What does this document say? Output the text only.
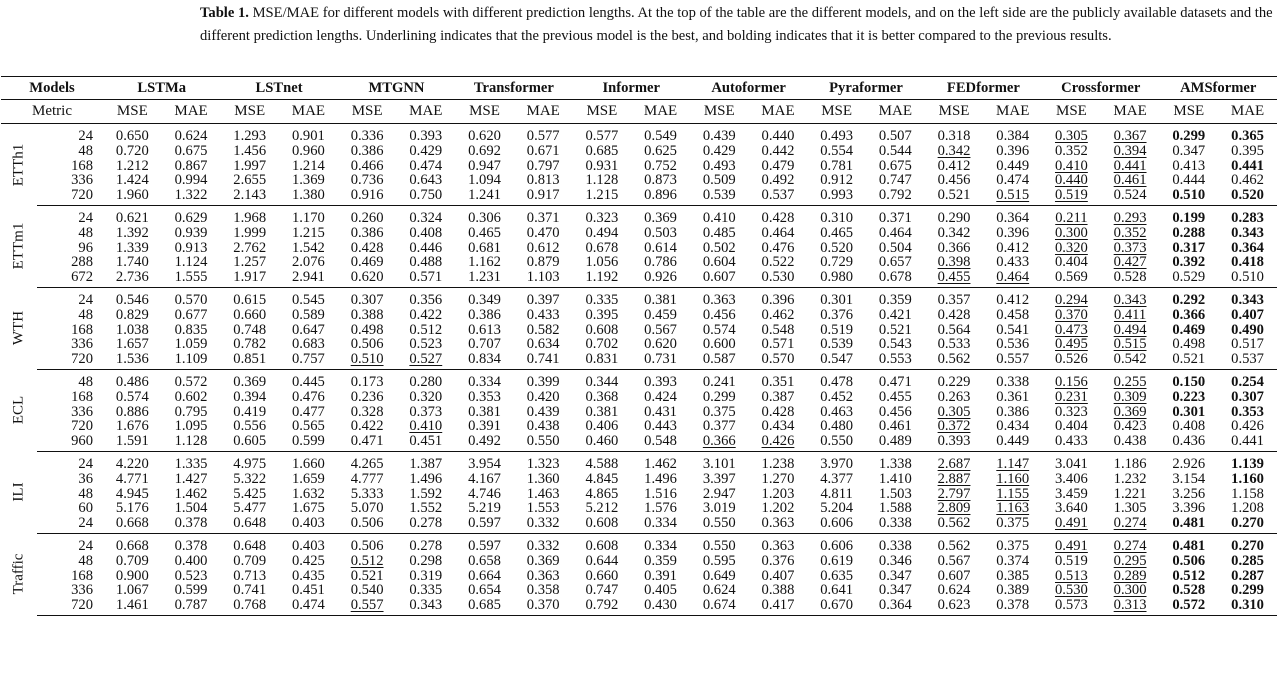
Table 1. MSE/MAE for different models with different prediction lengths. At the top of the table are the different models, and on the left side are the publicly available datasets and the different prediction lengths. Underlining indicates that the previous model is the best, and bolding indicates that it is better compared to the previous results.
Models		LSTMa		LSTnet		MTGNN		Transformer		Informer		Autoformer		Pyraformer		FEDformer		Crossformer		AMSformer	
Metric		MSE	MAE	MSE	MAE	MSE	MAE	MSE	MAE	MSE	MAE	MSE	MAE	MSE	MAE	MSE	MAE	MSE	MAE	MSE	MAE

ETTh1	24	0.650	0.624	1.293	0.901	0.336	0.393	0.620	0.577	0.577	0.549	0.439	0.440	0.493	0.507	0.318	0.384	0.305	0.367	0.299	0.365
	48	0.720	0.675	1.456	0.960	0.386	0.429	0.692	0.671	0.685	0.625	0.429	0.442	0.554	0.544	0.342	0.396	0.352	0.394	0.347	0.395
	168	1.212	0.867	1.997	1.214	0.466	0.474	0.947	0.797	0.931	0.752	0.493	0.479	0.781	0.675	0.412	0.449	0.410	0.441	0.413	0.441
	336	1.424	0.994	2.655	1.369	0.736	0.643	1.094	0.813	1.128	0.873	0.509	0.492	0.912	0.747	0.456	0.474	0.440	0.461	0.444	0.462
	720	1.960	1.322	2.143	1.380	0.916	0.750	1.241	0.917	1.215	0.896	0.539	0.537	0.993	0.792	0.521	0.515	0.519	0.524	0.510	0.520

ETTm1	24	0.621	0.629	1.968	1.170	0.260	0.324	0.306	0.371	0.323	0.369	0.410	0.428	0.310	0.371	0.290	0.364	0.211	0.293	0.199	0.283
	48	1.392	0.939	1.999	1.215	0.386	0.408	0.465	0.470	0.494	0.503	0.485	0.464	0.465	0.464	0.342	0.396	0.300	0.352	0.288	0.343
	96	1.339	0.913	2.762	1.542	0.428	0.446	0.681	0.612	0.678	0.614	0.502	0.476	0.520	0.504	0.366	0.412	0.320	0.373	0.317	0.364
	288	1.740	1.124	1.257	2.076	0.469	0.488	1.162	0.879	1.056	0.786	0.604	0.522	0.729	0.657	0.398	0.433	0.404	0.427	0.392	0.418
	672	2.736	1.555	1.917	2.941	0.620	0.571	1.231	1.103	1.192	0.926	0.607	0.530	0.980	0.678	0.455	0.464	0.569	0.528	0.529	0.510

WTH	24	0.546	0.570	0.615	0.545	0.307	0.356	0.349	0.397	0.335	0.381	0.363	0.396	0.301	0.359	0.357	0.412	0.294	0.343	0.292	0.343
	48	0.829	0.677	0.660	0.589	0.388	0.422	0.386	0.433	0.395	0.459	0.456	0.462	0.376	0.421	0.428	0.458	0.370	0.411	0.366	0.407
	168	1.038	0.835	0.748	0.647	0.498	0.512	0.613	0.582	0.608	0.567	0.574	0.548	0.519	0.521	0.564	0.541	0.473	0.494	0.469	0.490
	336	1.657	1.059	0.782	0.683	0.506	0.523	0.707	0.634	0.702	0.620	0.600	0.571	0.539	0.543	0.533	0.536	0.495	0.515	0.498	0.517
	720	1.536	1.109	0.851	0.757	0.510	0.527	0.834	0.741	0.831	0.731	0.587	0.570	0.547	0.553	0.562	0.557	0.526	0.542	0.521	0.537

ECL	48	0.486	0.572	0.369	0.445	0.173	0.280	0.334	0.399	0.344	0.393	0.241	0.351	0.478	0.471	0.229	0.338	0.156	0.255	0.150	0.254
	168	0.574	0.602	0.394	0.476	0.236	0.320	0.353	0.420	0.368	0.424	0.299	0.387	0.452	0.455	0.263	0.361	0.231	0.309	0.223	0.307
	336	0.886	0.795	0.419	0.477	0.328	0.373	0.381	0.439	0.381	0.431	0.375	0.428	0.463	0.456	0.305	0.386	0.323	0.369	0.301	0.353
	720	1.676	1.095	0.556	0.565	0.422	0.410	0.391	0.438	0.406	0.443	0.377	0.434	0.480	0.461	0.372	0.434	0.404	0.423	0.408	0.426
	960	1.591	1.128	0.605	0.599	0.471	0.451	0.492	0.550	0.460	0.548	0.366	0.426	0.550	0.489	0.393	0.449	0.433	0.438	0.436	0.441

ILI	24	4.220	1.335	4.975	1.660	4.265	1.387	3.954	1.323	4.588	1.462	3.101	1.238	3.970	1.338	2.687	1.147	3.041	1.186	2.926	1.139
	36	4.771	1.427	5.322	1.659	4.777	1.496	4.167	1.360	4.845	1.496	3.397	1.270	4.377	1.410	2.887	1.160	3.406	1.232	3.154	1.160
	48	4.945	1.462	5.425	1.632	5.333	1.592	4.746	1.463	4.865	1.516	2.947	1.203	4.811	1.503	2.797	1.155	3.459	1.221	3.256	1.158
	60	5.176	1.504	5.477	1.675	5.070	1.552	5.219	1.553	5.212	1.576	3.019	1.202	5.204	1.588	2.809	1.163	3.640	1.305	3.396	1.208
	24	0.668	0.378	0.648	0.403	0.506	0.278	0.597	0.332	0.608	0.334	0.550	0.363	0.606	0.338	0.562	0.375	0.491	0.274	0.481	0.270

Traffic	24	0.668	0.378	0.648	0.403	0.506	0.278	0.597	0.332	0.608	0.334	0.550	0.363	0.606	0.338	0.562	0.375	0.491	0.274	0.481	0.270
	48	0.709	0.400	0.709	0.425	0.512	0.298	0.658	0.369	0.644	0.359	0.595	0.376	0.619	0.346	0.567	0.374	0.519	0.295	0.506	0.285
	168	0.900	0.523	0.713	0.435	0.521	0.319	0.664	0.363	0.660	0.391	0.649	0.407	0.635	0.347	0.607	0.385	0.513	0.289	0.512	0.287
	336	1.067	0.599	0.741	0.451	0.540	0.335	0.654	0.358	0.747	0.405	0.624	0.388	0.641	0.347	0.624	0.389	0.530	0.300	0.528	0.299
	720	1.461	0.787	0.768	0.474	0.557	0.343	0.685	0.370	0.792	0.430	0.674	0.417	0.670	0.364	0.623	0.378	0.573	0.313	0.572	0.310
